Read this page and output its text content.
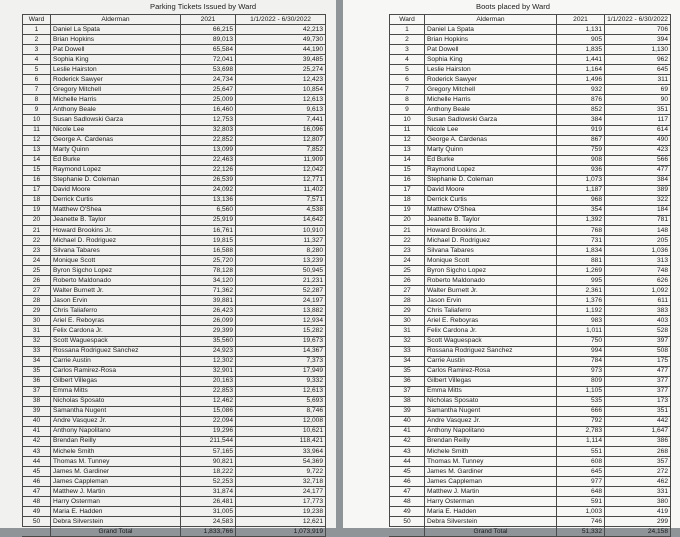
Parking Tickets Issued by Ward
Ward	Alderman	2021	1/1/2022 - 6/30/2022
1	Daniel La Spata	66,215	42,213
2	Brian Hopkins	89,013	49,730
3	Pat Dowell	65,584	44,190
4	Sophia King	72,041	39,485
5	Leslie Hairston	53,698	25,274
6	Roderick Sawyer	24,734	12,423
7	Gregory Mitchell	25,647	10,854
8	Michelle Harris	25,009	12,613
9	Anthony Beale	16,460	9,613
10	Susan Sadlowski Garza	12,753	7,441
11	Nicole Lee	32,803	16,096
12	George A. Cardenas	22,852	12,807
13	Marty Quinn	13,099	7,852
14	Ed Burke	22,463	11,909
15	Raymond Lopez	22,126	12,042
16	Stephanie D. Coleman	26,539	12,771
17	David Moore	24,092	11,402
18	Derrick Curtis	13,136	7,571
19	Matthew O'Shea	6,560	4,538
20	Jeanette B. Taylor	25,919	14,642
21	Howard Brookins Jr.	16,761	10,910
22	Michael D. Rodriguez	19,815	11,327
23	Silvana Tabares	16,588	8,280
24	Monique Scott	25,720	13,239
25	Byron Sigcho Lopez	78,128	50,945
26	Roberto Maldonado	34,120	21,231
27	Walter Burnett Jr.	71,362	52,287
28	Jason Ervin	39,881	24,197
29	Chris Taliaferro	26,423	13,882
30	Ariel E. Reboyras	26,099	12,934
31	Felix Cardona Jr.	29,399	15,282
32	Scott Waguespack	35,560	19,673
33	Rossana Rodriguez Sanchez	24,923	14,367
34	Carrie Austin	12,302	7,373
35	Carlos Ramirez-Rosa	32,901	17,949
36	Gilbert Villegas	20,163	9,332
37	Emma Mitts	22,853	12,613
38	Nicholas Sposato	12,462	5,693
39	Samantha Nugent	15,086	8,746
40	Andre Vasquez Jr.	22,094	12,008
41	Anthony Napolitano	19,296	10,621
42	Brendan Reilly	211,544	118,421
43	Michele Smith	57,165	33,964
44	Thomas M. Tunney	90,821	54,369
45	James M. Gardiner	18,222	9,722
46	James Cappleman	52,253	32,718
47	Matthew J. Martin	31,874	24,177
48	Harry Osterman	26,481	17,773
49	Maria E. Hadden	31,005	19,238
50	Debra Silverstein	24,583	12,621
	Grand Total	1,833,766	1,073,919
Boots placed by Ward
Ward	Alderman	2021	1/1/2022 - 6/30/2022
1	Daniel La Spata	1,131	706
2	Brian Hopkins	905	394
3	Pat Dowell	1,835	1,130
4	Sophia King	1,441	962
5	Leslie Hairston	1,164	645
6	Roderick Sawyer	1,496	311
7	Gregory Mitchell	932	69
8	Michelle Harris	876	90
9	Anthony Beale	852	351
10	Susan Sadlowski Garza	384	117
11	Nicole Lee	919	614
12	George A. Cardenas	867	490
13	Marty Quinn	759	423
14	Ed Burke	908	566
15	Raymond Lopez	936	477
16	Stephanie D. Coleman	1,073	384
17	David Moore	1,187	389
18	Derrick Curtis	968	322
19	Matthew O'Shea	354	184
20	Jeanette B. Taylor	1,392	781
21	Howard Brookins Jr.	768	148
22	Michael D. Rodriguez	731	205
23	Silvana Tabares	1,834	1,036
24	Monique Scott	881	313
25	Byron Sigcho Lopez	1,269	748
26	Roberto Maldonado	995	626
27	Walter Burnett Jr.	2,361	1,092
28	Jason Ervin	1,376	611
29	Chris Taliaferro	1,192	383
30	Ariel E. Reboyras	983	403
31	Felix Cardona Jr.	1,011	528
32	Scott Waguespack	750	397
33	Rossana Rodriguez Sanchez	994	508
34	Carrie Austin	784	175
35	Carlos Ramirez-Rosa	973	477
36	Gilbert Villegas	809	377
37	Emma Mitts	1,105	377
38	Nicholas Sposato	535	173
39	Samantha Nugent	666	351
40	Andre Vasquez Jr.	792	442
41	Anthony Napolitano	2,783	1,647
42	Brendan Reilly	1,114	386
43	Michele Smith	551	268
44	Thomas M. Tunney	608	357
45	James M. Gardiner	645	272
46	James Cappleman	977	462
47	Matthew J. Martin	648	331
48	Harry Osterman	591	380
49	Maria E. Hadden	1,003	419
50	Debra Silverstein	746	299
	Grand Total	51,332	24,158
